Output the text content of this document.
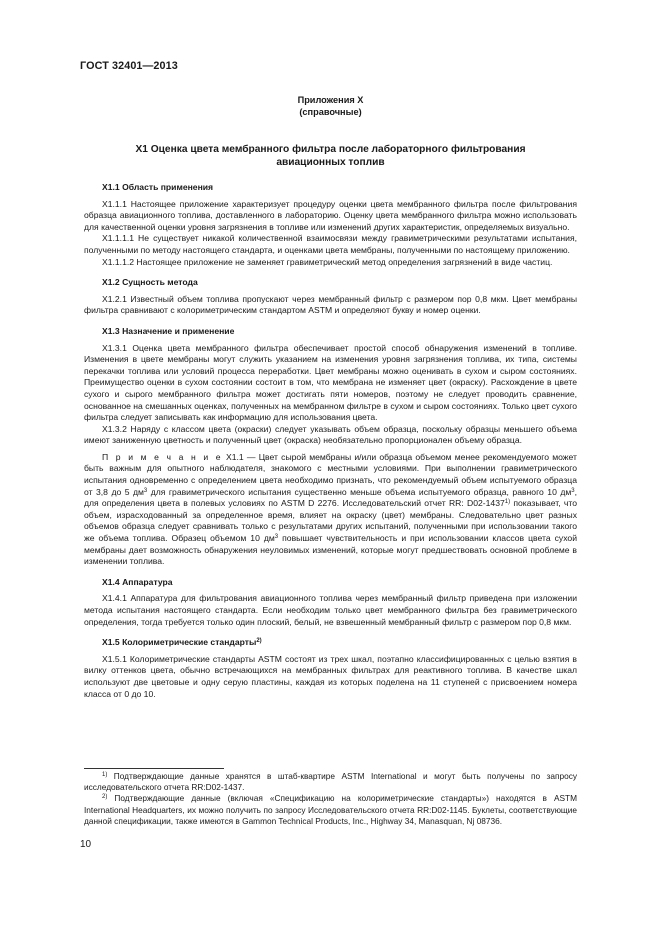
ГОСТ 32401—2013
Приложения X
(справочные)
X1 Оценка цвета мембранного фильтра после лабораторного фильтрования
авиационных топлив
X1.1 Область применения

X1.1.1 Настоящее приложение характеризует процедуру оценки цвета мембранного фильтра после фильтрования образца авиационного топлива, доставленного в лабораторию. Оценку цвета мембранного фильтра можно использовать для качественной оценки уровня загрязнения в топливе или изменений других характеристик, определяемых визуально.

X1.1.1.1 Не существует никакой количественной взаимосвязи между гравиметрическими результатами испытания, полученными по методу настоящего стандарта, и оценками цвета мембраны, полученными по настоящему приложению.

X1.1.1.2 Настоящее приложение не заменяет гравиметрический метод определения загрязнений в виде частиц.

X1.2 Сущность метода

X1.2.1 Известный объем топлива пропускают через мембранный фильтр с размером пор 0,8 мкм. Цвет мембраны фильтра сравнивают с колориметрическим стандартом ASTM и определяют букву и номер оценки.

X1.3 Назначение и применение

X1.3.1 Оценка цвета мембранного фильтра обеспечивает простой способ обнаружения изменений в топливе. Изменения в цвете мембраны могут служить указанием на изменения уровня загрязнения топлива, их типа, системы перекачки топлива или условий процесса переработки. Цвет мембраны можно оценивать в сухом и сыром состояниях. Преимущество оценки в сухом состоянии состоит в том, что мембрана не изменяет цвет (окраску). Расхождение в цвете сухого и сырого мембранного фильтра может достигать пяти номеров, поэтому не следует проводить сравнение, основанное на смешанных оценках, полученных на мембранном фильтре в сухом и сыром состояниях. Только цвет сухого фильтра следует записывать как информацию для использования цвета.

X1.3.2 Наряду с классом цвета (окраски) следует указывать объем образца, поскольку образцы меньшего объема имеют заниженную цветность и полученный цвет (окраска) необязательно пропорционален объему образца.

П р и м е ч а н и е X1.1 — Цвет сырой мембраны и/или образца объемом менее рекомендуемого может быть важным для опытного наблюдателя, знакомого с местными условиями. При выполнении гравиметрического испытания одновременно с определением цвета необходимо признать, что рекомендуемый объем испытуемого образца от 3,8 до 5 $дм^3$ для гравиметрического испытания существенно меньше объема испытуемого образца, равного 10 $дм^3$, для определения цвета в полевых условиях по ASTM D 2276. Исследовательский отчет RR: D02-1437$^{1)}$ показывает, что объем, израсходованный за определенное время, влияет на окраску (цвет) мембраны. Следовательно цвет разных объемов образца следует сравнивать только с результатами других испытаний, полученными при использовании такого же объема топлива. Образец объемом 10 $дм^3$ повышает чувствительность и при использовании классов цвета сухой мембраны дает возможность обнаружения неуловимых изменений, которые могут предшествовать основной проблеме в изменении топлива.

X1.4 Аппаратура

X1.4.1 Аппаратура для фильтрования авиационного топлива через мембранный фильтр приведена при изложении метода испытания настоящего стандарта. Если необходим только цвет мембранного фильтра без гравиметрического определения, тогда требуется только один плоский, белый, не взвешенный мембранный фильтр с размером пор 0,8 мкм.

X1.5 Колориметрические стандарты$^{2)}$

X1.5.1 Колориметрические стандарты ASTM состоят из трех шкал, поэтапно классифицированных с целью взятия в вилку оттенков цвета, обычно встречающихся на мембранных фильтрах для реактивного топлива. В качестве шкал используют две цветовые и одну серую пластины, каждая из которых поделена на 11 ступеней с присвоением номера класса от 0 до 10.

$^{1)}$ Подтверждающие данные хранятся в штаб-квартире ASTM International и могут быть получены по запросу исследовательского отчета RR:D02-1437.

$^{2)}$ Подтверждающие данные (включая «Спецификацию на колориметрические стандарты») находятся в ASTM International Headquarters, их можно получить по запросу Исследовательского отчета RR:D02-1145. Буклеты, соответствующие данной спецификации, также имеются в Gammon Technical Products, Inc., Highway 34, Manasquan, Nj 08736.

10
